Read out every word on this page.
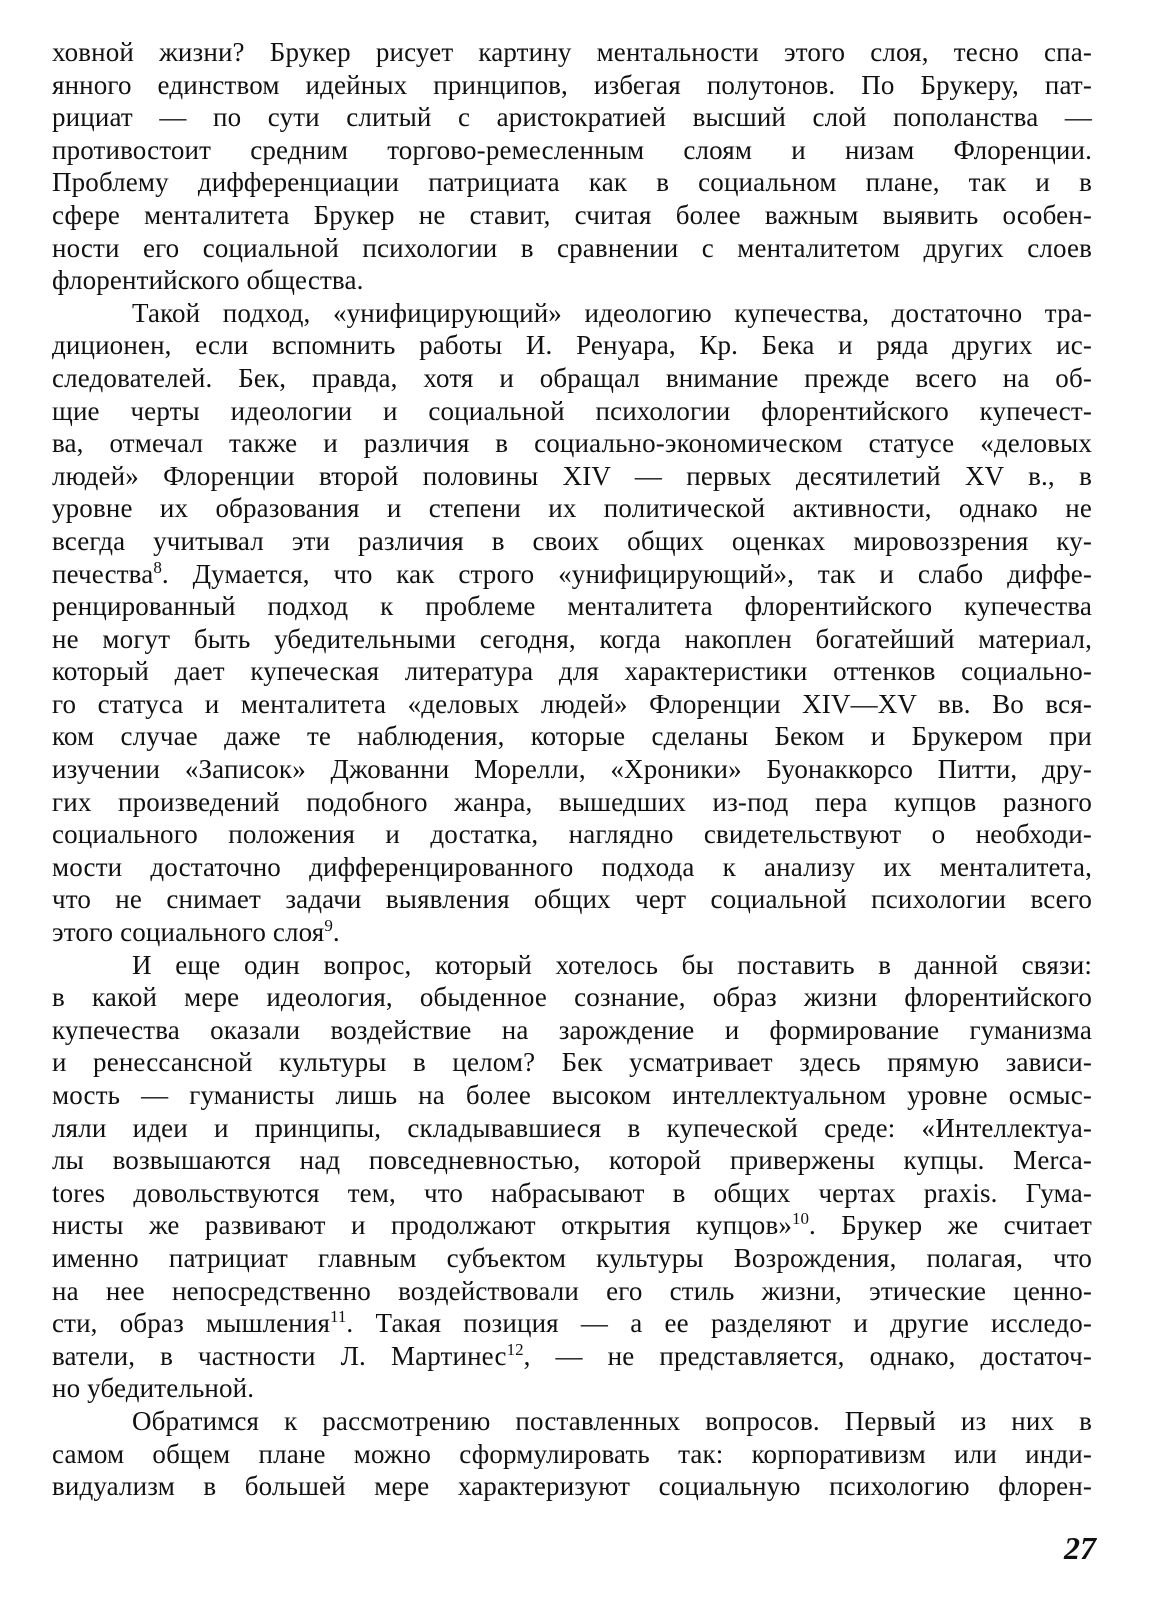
ховной жизни? Брукер рисует картину ментальности этого слоя, тесно спа-
янного единством идейных принципов, избегая полутонов. По Брукеру, пат-
рициат — по сути слитый с аристократией высший слой пополанства —
противостоит средним торгово-ремесленным слоям и низам Флоренции.
Проблему дифференциации патрициата как в социальном плане, так и в
сфере менталитета Брукер не ставит, считая более важным выявить особен-
ности его социальной психологии в сравнении с менталитетом других слоев
флорентийского общества.
Такой подход, «унифицирующий» идеологию купечества, достаточно тра-
диционен, если вспомнить работы И. Ренуара, Кр. Бека и ряда других ис-
следователей. Бек, правда, хотя и обращал внимание прежде всего на об-
щие черты идеологии и социальной психологии флорентийского купечест-
ва, отмечал также и различия в социально-экономическом статусе «деловых
людей» Флоренции второй половины XIV — первых десятилетий XV в., в
уровне их образования и степени их политической активности, однако не
всегда учитывал эти различия в своих общих оценках мировоззрения ку-
печества$^8$. Думается, что как строго «унифицирующий», так и слабо диффе-
ренцированный подход к проблеме менталитета флорентийского купечества
не могут быть убедительными сегодня, когда накоплен богатейший материал,
который дает купеческая литература для характеристики оттенков социально-
го статуса и менталитета «деловых людей» Флоренции XIV—XV вв. Во вся-
ком случае даже те наблюдения, которые сделаны Беком и Брукером при
изучении «Записок» Джованни Морелли, «Хроники» Буонаккорсо Питти, дру-
гих произведений подобного жанра, вышедших из-под пера купцов разного
социального положения и достатка, наглядно свидетельствуют о необходи-
мости достаточно дифференцированного подхода к анализу их менталитета,
что не снимает задачи выявления общих черт социальной психологии всего
этого социального слоя$^9$.
И еще один вопрос, который хотелось бы поставить в данной связи:
в какой мере идеология, обыденное сознание, образ жизни флорентийского
купечества оказали воздействие на зарождение и формирование гуманизма
и ренессансной культуры в целом? Бек усматривает здесь прямую зависи-
мость — гуманисты лишь на более высоком интеллектуальном уровне осмыс-
ляли идеи и принципы, складывавшиеся в купеческой среде: «Интеллектуа-
лы возвышаются над повседневностью, которой привержены купцы. Merca-
tores довольствуются тем, что набрасывают в общих чертах praxis. Гума-
нисты же развивают и продолжают открытия купцов»$^{10}$. Брукер же считает
именно патрициат главным субъектом культуры Возрождения, полагая, что
на нее непосредственно воздействовали его стиль жизни, этические ценно-
сти, образ мышления$^{11}$. Такая позиция — а ее разделяют и другие исследо-
ватели, в частности Л. Мартинес$^{12}$, — не представляется, однако, достаточ-
но убедительной.
Обратимся к рассмотрению поставленных вопросов. Первый из них в
самом общем плане можно сформулировать так: корпоративизм или инди-
видуализм в большей мере характеризуют социальную психологию флорен-
27
